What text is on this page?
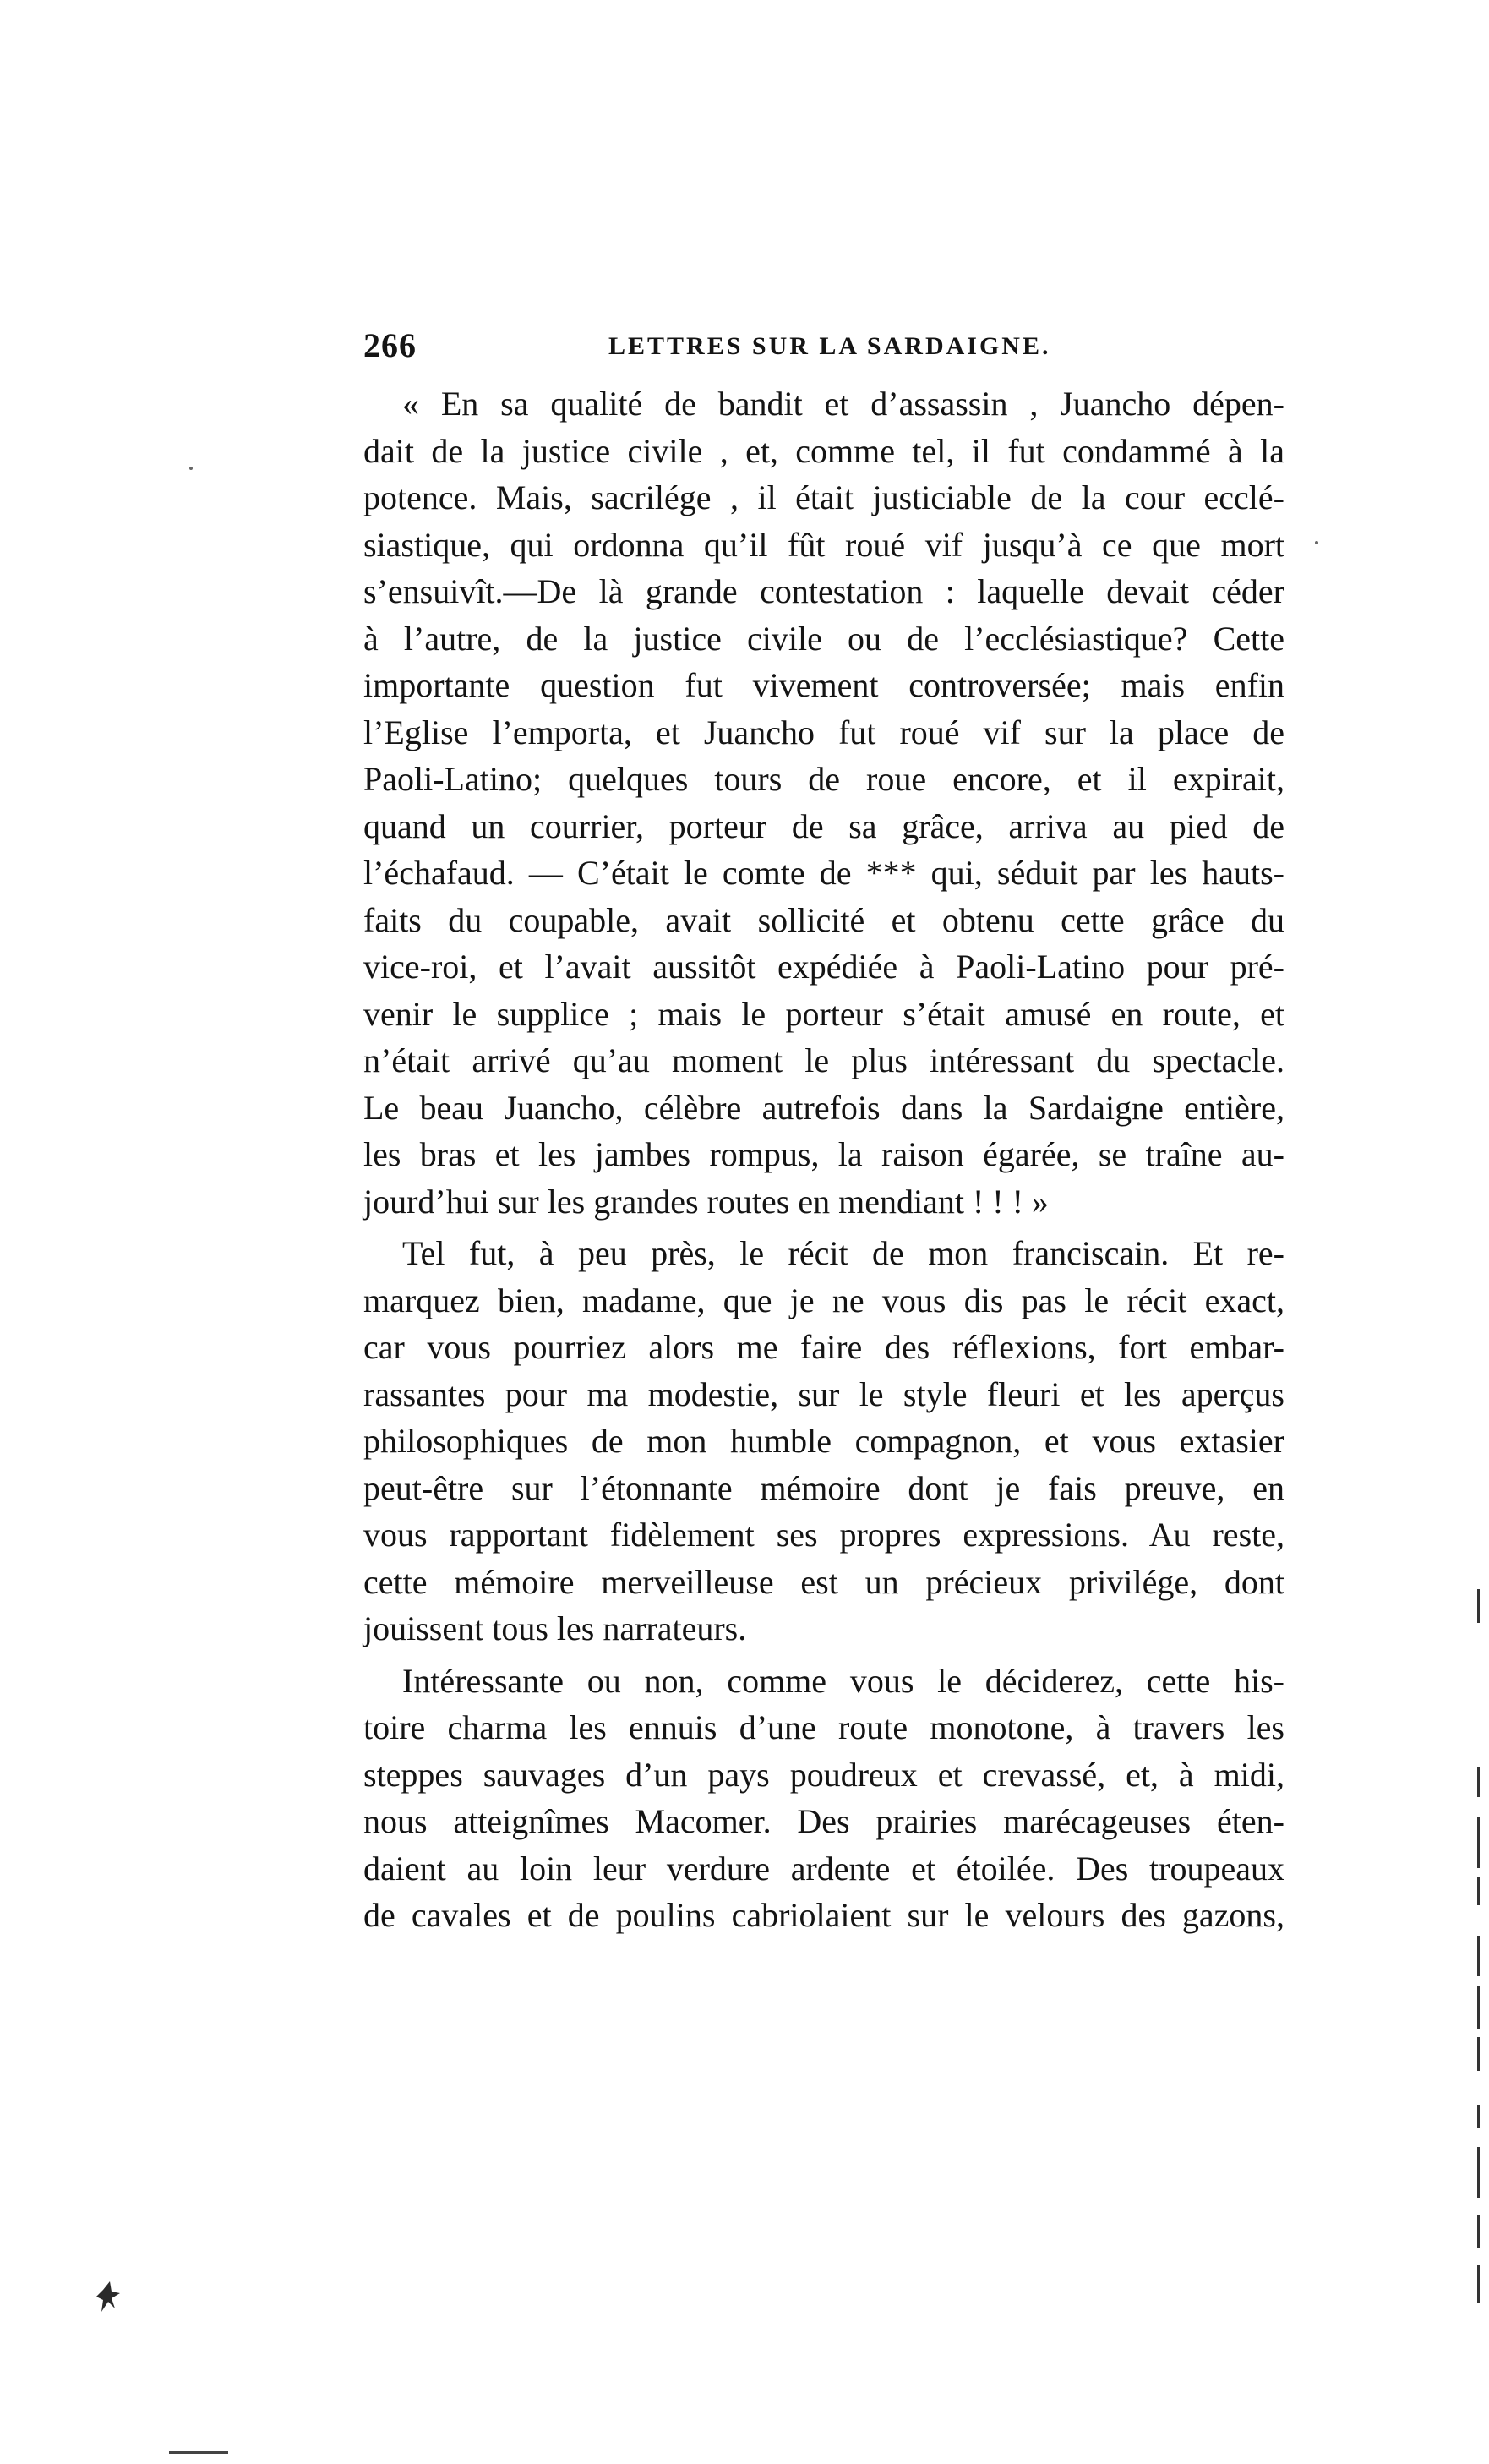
266	LETTRES SUR LA SARDAIGNE.

« En sa qualité de bandit et d’assassin , Juancho dépen-
dait de la justice civile , et, comme tel, il fut condammé à la
potence. Mais, sacrilége , il était justiciable de la cour ecclé-
siastique, qui ordonna qu’il fût roué vif jusqu’à ce que mort
s’ensuivît.—De là grande contestation : laquelle devait céder
à l’autre, de la justice civile ou de l’ecclésiastique? Cette
importante question fut vivement controversée; mais enfin
l’Eglise l’emporta, et Juancho fut roué vif sur la place de
Paoli-Latino; quelques tours de roue encore, et il expirait,
quand un courrier, porteur de sa grâce, arriva au pied de
l’échafaud. — C’était le comte de *** qui, séduit par les hauts-
faits du coupable, avait sollicité et obtenu cette grâce du
vice-roi, et l’avait aussitôt expédiée à Paoli-Latino pour pré-
venir le supplice ; mais le porteur s’était amusé en route, et
n’était arrivé qu’au moment le plus intéressant du spectacle.
Le beau Juancho, célèbre autrefois dans la Sardaigne entière,
les bras et les jambes rompus, la raison égarée, se traîne au-
jourd’hui sur les grandes routes en mendiant ! ! ! »

Tel fut, à peu près, le récit de mon franciscain. Et re-
marquez bien, madame, que je ne vous dis pas le récit exact,
car vous pourriez alors me faire des réflexions, fort embar-
rassantes pour ma modestie, sur le style fleuri et les aperçus
philosophiques de mon humble compagnon, et vous extasier
peut-être sur l’étonnante mémoire dont je fais preuve, en
vous rapportant fidèlement ses propres expressions. Au reste,
cette mémoire merveilleuse est un précieux privilége, dont
jouissent tous les narrateurs.

Intéressante ou non, comme vous le déciderez, cette his-
toire charma les ennuis d’une route monotone, à travers les
steppes sauvages d’un pays poudreux et crevassé, et, à midi,
nous atteignîmes Macomer. Des prairies marécageuses éten-
daient au loin leur verdure ardente et étoilée. Des troupeaux
de cavales et de poulins cabriolaient sur le velours des gazons,
